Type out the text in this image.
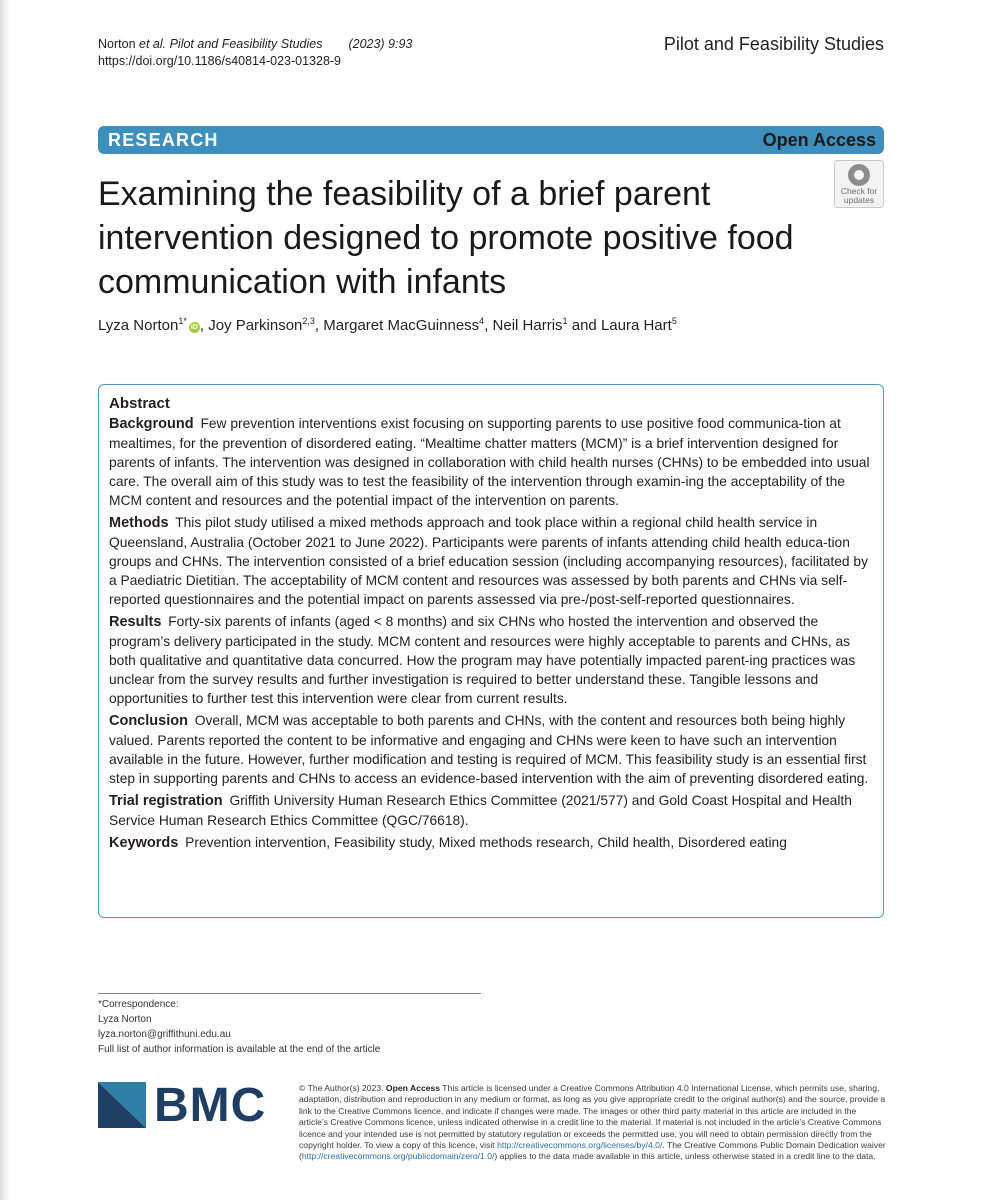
Norton et al. Pilot and Feasibility Studies (2023) 9:93
https://doi.org/10.1186/s40814-023-01328-9
Pilot and Feasibility Studies
RESEARCH	Open Access
Check for
updates
Examining the feasibility of a brief parent intervention designed to promote positive food communication with infants
Lyza Norton$^{1*}$iD , Joy Parkinson$^{2,3}$, Margaret MacGuinness$^4$, Neil Harris$^1$ and Laura Hart$^5$
Abstract

Background Few prevention interventions exist focusing on supporting parents to use positive food communica-tion at mealtimes, for the prevention of disordered eating. “Mealtime chatter matters (MCM)” is a brief intervention designed for parents of infants. The intervention was designed in collaboration with child health nurses (CHNs) to be embedded into usual care. The overall aim of this study was to test the feasibility of the intervention through examin-ing the acceptability of the MCM content and resources and the potential impact of the intervention on parents.

Methods This pilot study utilised a mixed methods approach and took place within a regional child health service in Queensland, Australia (October 2021 to June 2022). Participants were parents of infants attending child health educa-tion groups and CHNs. The intervention consisted of a brief education session (including accompanying resources), facilitated by a Paediatric Dietitian. The acceptability of MCM content and resources was assessed by both parents and CHNs via self-reported questionnaires and the potential impact on parents assessed via pre-/post-self-reported questionnaires.

Results Forty-six parents of infants (aged < 8 months) and six CHNs who hosted the intervention and observed the program’s delivery participated in the study. MCM content and resources were highly acceptable to parents and CHNs, as both qualitative and quantitative data concurred. How the program may have potentially impacted parent-ing practices was unclear from the survey results and further investigation is required to better understand these. Tangible lessons and opportunities to further test this intervention were clear from current results.

Conclusion Overall, MCM was acceptable to both parents and CHNs, with the content and resources both being highly valued. Parents reported the content to be informative and engaging and CHNs were keen to have such an intervention available in the future. However, further modification and testing is required of MCM. This feasibility study is an essential first step in supporting parents and CHNs to access an evidence-based intervention with the aim of preventing disordered eating.

Trial registration Griffith University Human Research Ethics Committee (2021/577) and Gold Coast Hospital and Health Service Human Research Ethics Committee (QGC/76618).

Keywords Prevention intervention, Feasibility study, Mixed methods research, Child health, Disordered eating

*Correspondence:
Lyza Norton
lyza.norton@griffithuni.edu.au
Full list of author information is available at the end of the article
BMC	© The Author(s) 2023. Open Access This article is licensed under a Creative Commons Attribution 4.0 International License, which permits use, sharing, adaptation, distribution and reproduction in any medium or format, as long as you give appropriate credit to the original author(s) and the source, provide a link to the Creative Commons licence, and indicate if changes were made. The images or other third party material in this article are included in the article’s Creative Commons licence, unless indicated otherwise in a credit line to the material. If material is not included in the article’s Creative Commons licence and your intended use is not permitted by statutory regulation or exceeds the permitted use, you will need to obtain permission directly from the copyright holder. To view a copy of this licence, visit http://creativecommons.org/licenses/by/4.0/. The Creative Commons Public Domain Dedication waiver (http://creativecommons.org/publicdomain/zero/1.0/) applies to the data made available in this article, unless otherwise stated in a credit line to the data.
